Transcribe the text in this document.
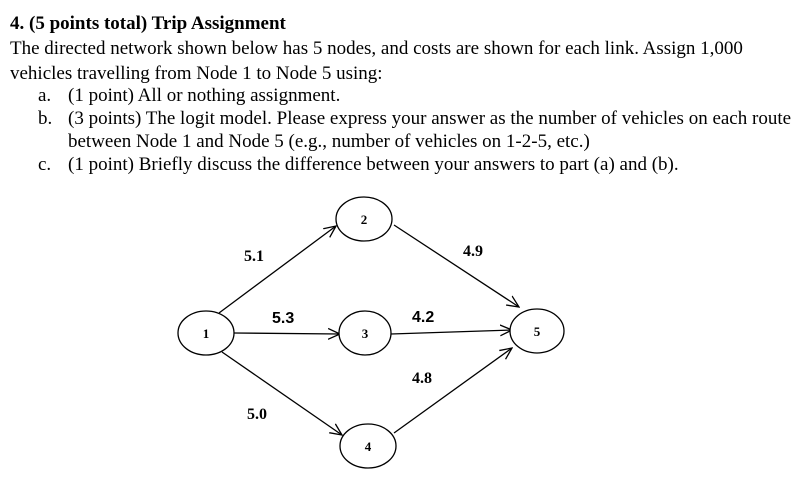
4. (5 points total) Trip Assignment
The directed network shown below has 5 nodes, and costs are shown for each link. Assign 1,000 vehicles travelling from Node 1 to Node 5 using:
a. (1 point) All or nothing assignment.
b. (3 points) The logit model. Please express your answer as the number of vehicles on each route between Node 1 and Node 5 (e.g., number of vehicles on 1-2-5, etc.)
c. (1 point) Briefly discuss the difference between your answers to part (a) and (b).
1
2
3
4
5
5.1
5.3
5.0
4.9
4.2
4.8
